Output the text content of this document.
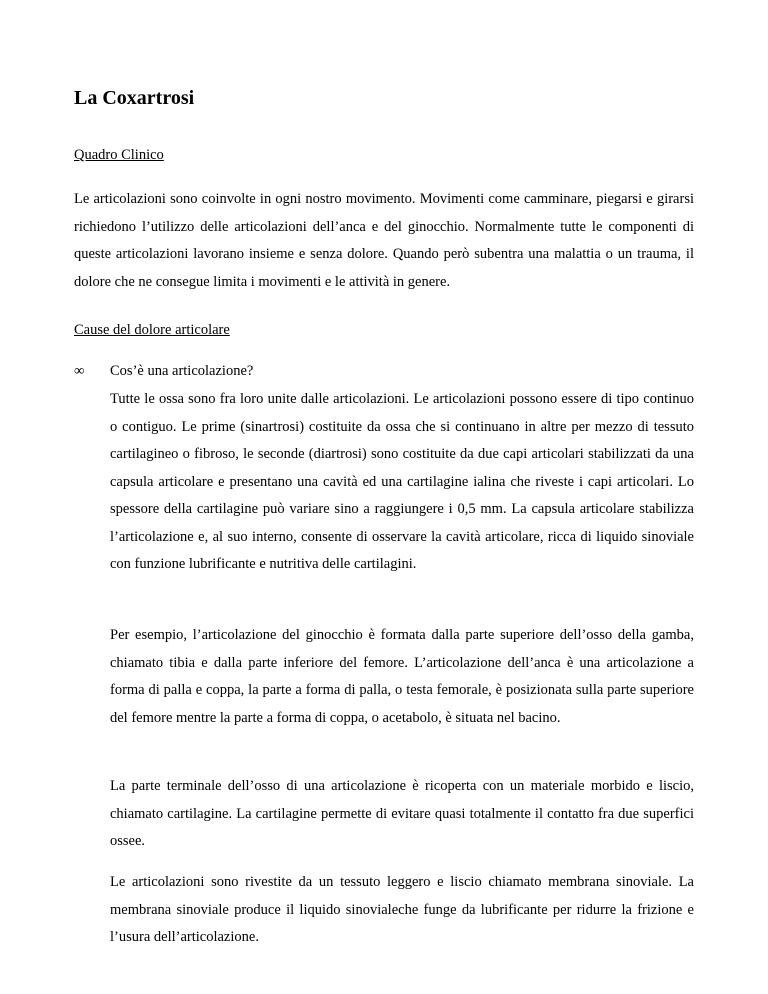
La Coxartrosi

Quadro Clinico

Le articolazioni sono coinvolte in ogni nostro movimento. Movimenti come camminare, piegarsi e girarsi richiedono l’utilizzo delle articolazioni dell’anca e del ginocchio. Normalmente tutte le componenti di queste articolazioni lavorano insieme e senza dolore. Quando però subentra una malattia o un trauma, il dolore che ne consegue limita i movimenti e le attività in genere.

Cause del dolore articolare

∞ Cos’è una articolazione?

Tutte le ossa sono fra loro unite dalle articolazioni. Le articolazioni possono essere di tipo continuo o contiguo. Le prime (sinartrosi) costituite da ossa che si continuano in altre per mezzo di tessuto cartilagineo o fibroso, le seconde (diartrosi) sono costituite da due capi articolari stabilizzati da una capsula articolare e presentano una cavità ed una cartilagine ialina che riveste i capi articolari. Lo spessore della cartilagine può variare sino a raggiungere i 0,5 mm. La capsula articolare stabilizza l’articolazione e, al suo interno, consente di osservare la cavità articolare, ricca di liquido sinoviale con funzione lubrificante e nutritiva delle cartilagini.

Per esempio, l’articolazione del ginocchio è formata dalla parte superiore dell’osso della gamba, chiamato tibia e dalla parte inferiore del femore. L’articolazione dell’anca è una articolazione a forma di palla e coppa, la parte a forma di palla, o testa femorale, è posizionata sulla parte superiore del femore mentre la parte a forma di coppa, o acetabolo, è situata nel bacino.

La parte terminale dell’osso di una articolazione è ricoperta con un materiale morbido e liscio, chiamato cartilagine. La cartilagine permette di evitare quasi totalmente il contatto fra due superfici ossee.

Le articolazioni sono rivestite da un tessuto leggero e liscio chiamato membrana sinoviale. La membrana sinoviale produce il liquido sinovialeche funge da lubrificante per ridurre la frizione e l’usura dell’articolazione.
